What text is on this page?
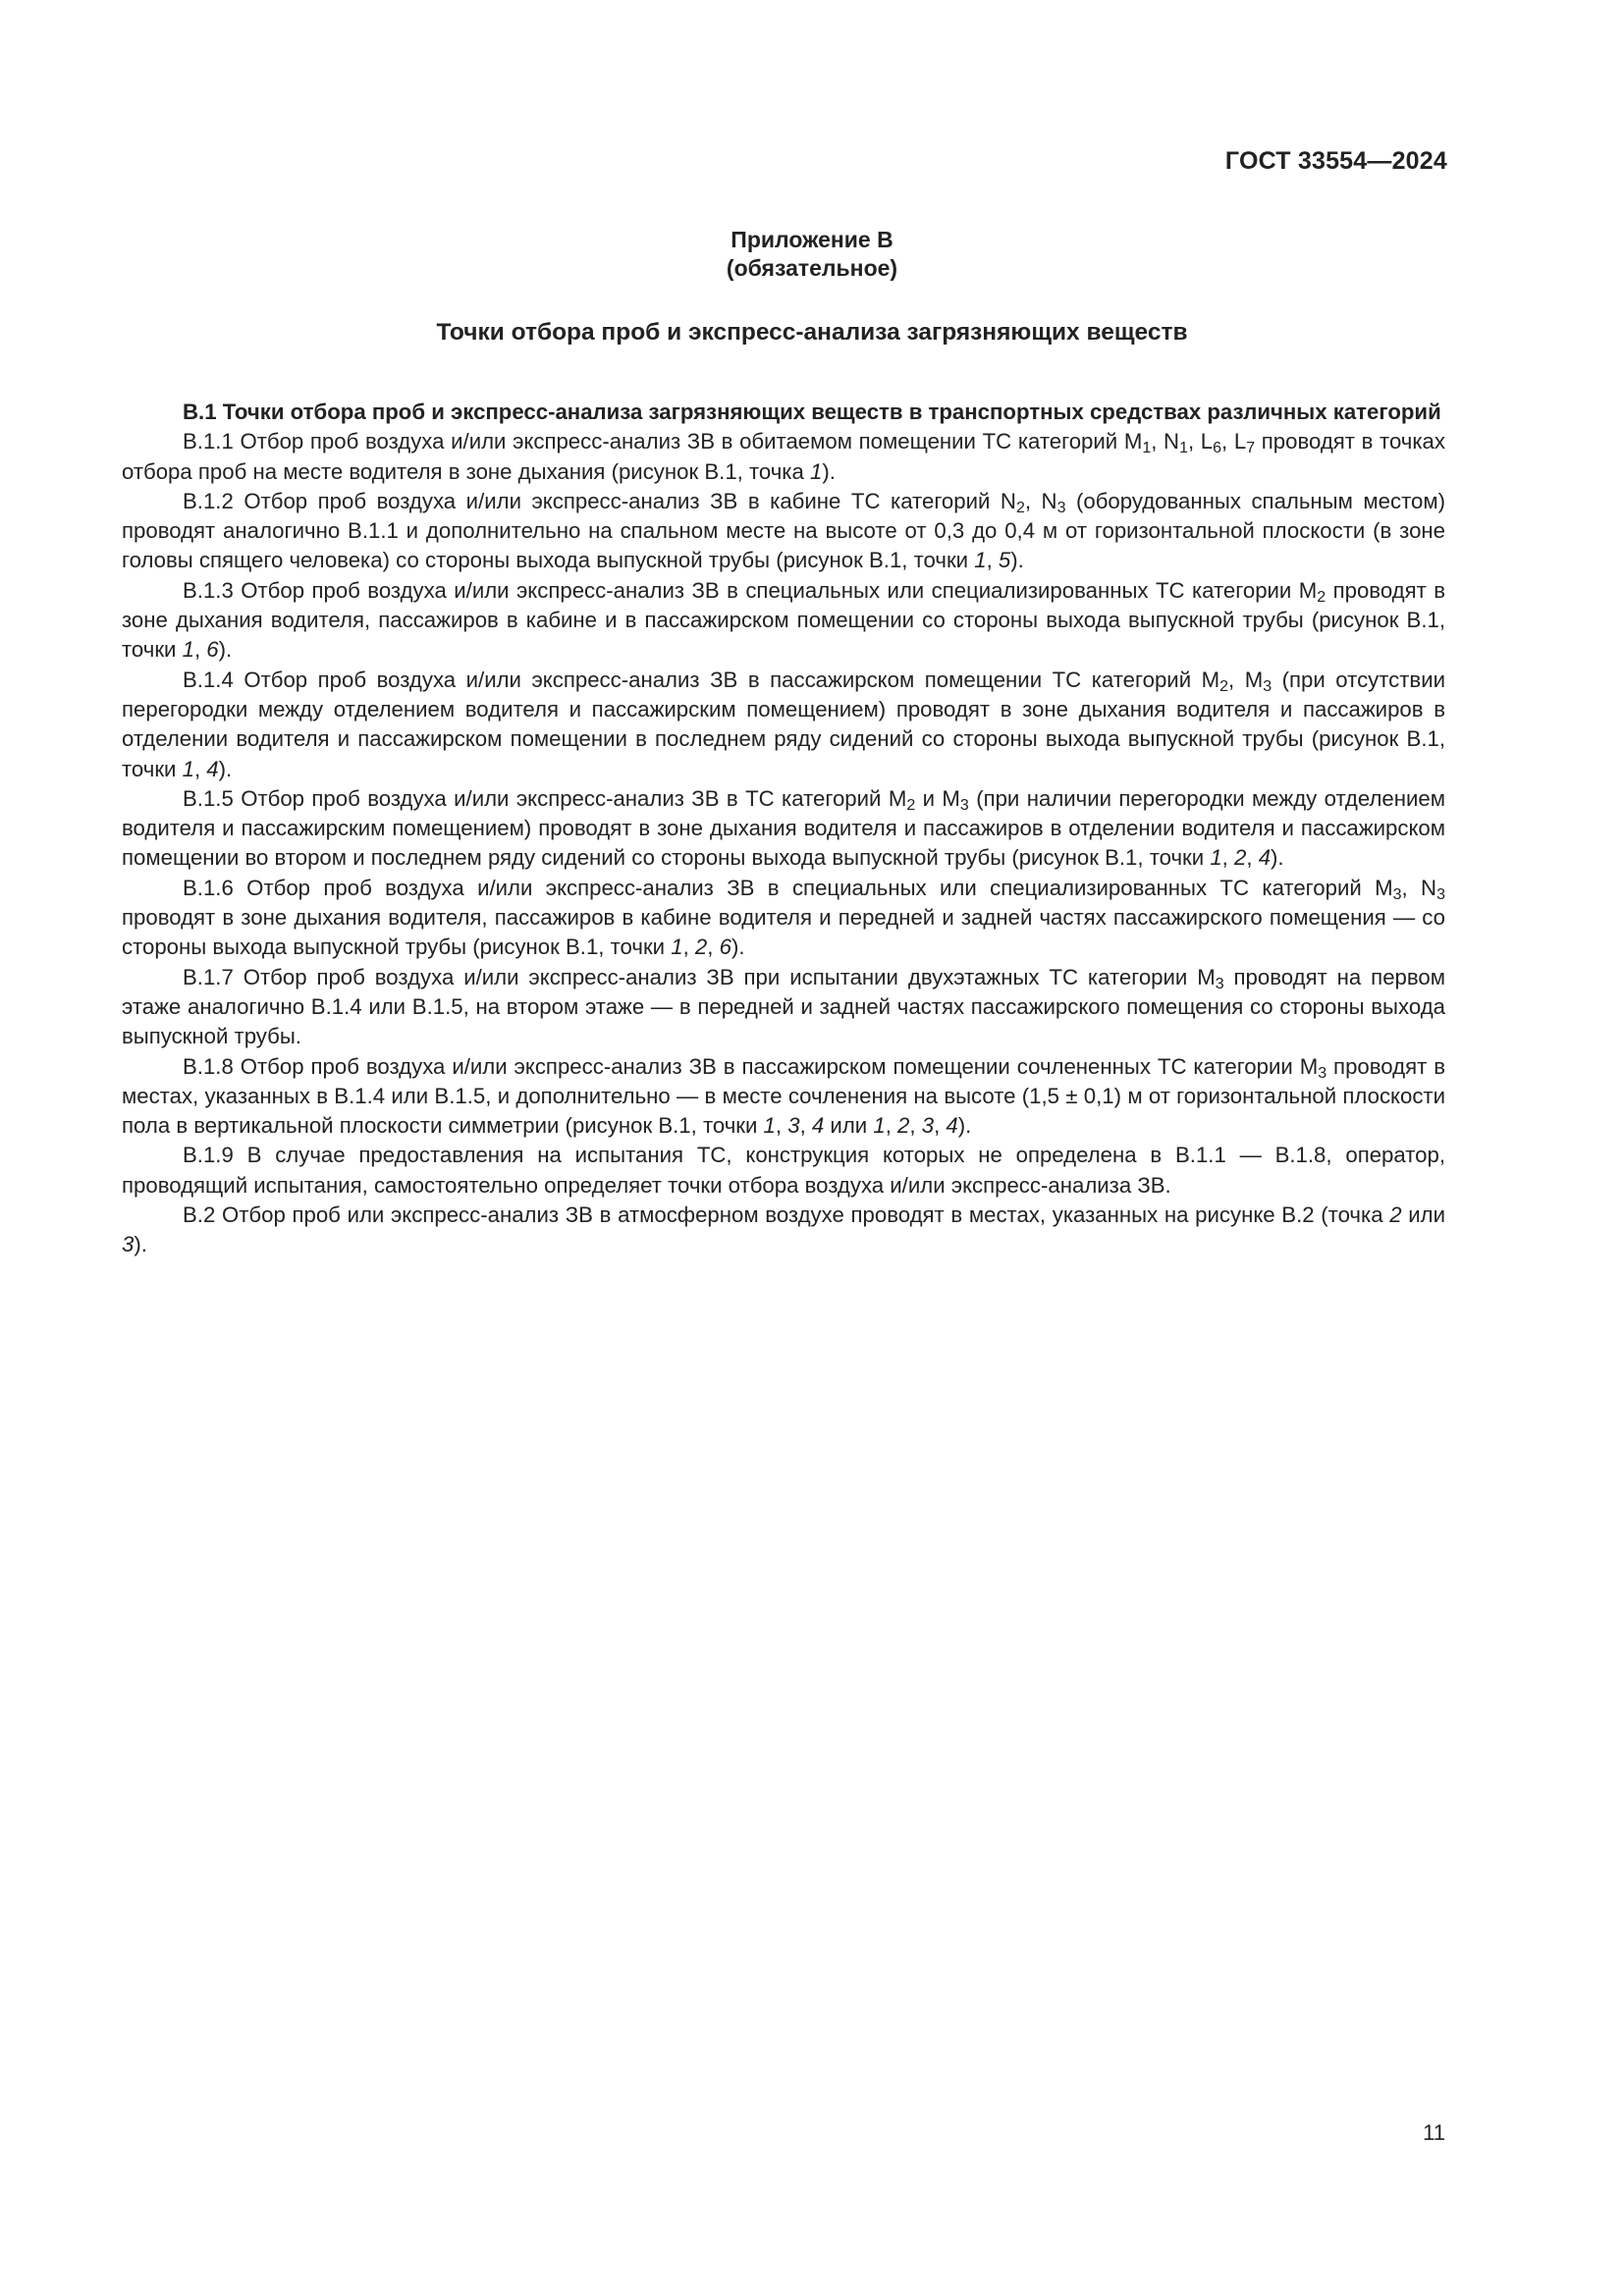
ГОСТ 33554—2024
Приложение В
(обязательное)
Точки отбора проб и экспресс-анализа загрязняющих веществ

В.1 Точки отбора проб и экспресс-анализа загрязняющих веществ в транспортных средствах различных категорий

В.1.1 Отбор проб воздуха и/или экспресс-анализ ЗВ в обитаемом помещении ТС категорий $M_1$, $N_1$, $L_6$, $L_7$ проводят в точках отбора проб на месте водителя в зоне дыхания (рисунок В.1, точка 1).

В.1.2 Отбор проб воздуха и/или экспресс-анализ ЗВ в кабине ТС категорий $N_2$, $N_3$ (оборудованных спальным местом) проводят аналогично В.1.1 и дополнительно на спальном месте на высоте от 0,3 до 0,4 м от горизонтальной плоскости (в зоне головы спящего человека) со стороны выхода выпускной трубы (рисунок В.1, точки 1, 5).

В.1.3 Отбор проб воздуха и/или экспресс-анализ ЗВ в специальных или специализированных ТС категории $M_2$ проводят в зоне дыхания водителя, пассажиров в кабине и в пассажирском помещении со стороны выхода выпускной трубы (рисунок В.1, точки 1, 6).

В.1.4 Отбор проб воздуха и/или экспресс-анализ ЗВ в пассажирском помещении ТС категорий $M_2$, $M_3$ (при отсутствии перегородки между отделением водителя и пассажирским помещением) проводят в зоне дыхания водителя и пассажиров в отделении водителя и пассажирском помещении в последнем ряду сидений со стороны выхода выпускной трубы (рисунок В.1, точки 1, 4).

В.1.5 Отбор проб воздуха и/или экспресс-анализ ЗВ в ТС категорий $M_2$ и $M_3$ (при наличии перегородки между отделением водителя и пассажирским помещением) проводят в зоне дыхания водителя и пассажиров в отделении водителя и пассажирском помещении во втором и последнем ряду сидений со стороны выхода выпускной трубы (рисунок В.1, точки 1, 2, 4).

В.1.6 Отбор проб воздуха и/или экспресс-анализ ЗВ в специальных или специализированных ТС категорий $M_3$, $N_3$ проводят в зоне дыхания водителя, пассажиров в кабине водителя и передней и задней частях пассажирского помещения — со стороны выхода выпускной трубы (рисунок В.1, точки 1, 2, 6).

В.1.7 Отбор проб воздуха и/или экспресс-анализ ЗВ при испытании двухэтажных ТС категории $M_3$ проводят на первом этаже аналогично В.1.4 или В.1.5, на втором этаже — в передней и задней частях пассажирского помещения со стороны выхода выпускной трубы.

В.1.8 Отбор проб воздуха и/или экспресс-анализ ЗВ в пассажирском помещении сочлененных ТС категории $M_3$ проводят в местах, указанных в В.1.4 или В.1.5, и дополнительно — в месте сочленения на высоте (1,5 ± 0,1) м от горизонтальной плоскости пола в вертикальной плоскости симметрии (рисунок В.1, точки 1, 3, 4 или 1, 2, 3, 4).

В.1.9 В случае предоставления на испытания ТС, конструкция которых не определена в В.1.1 — В.1.8, оператор, проводящий испытания, самостоятельно определяет точки отбора воздуха и/или экспресс-анализа ЗВ.

В.2 Отбор проб или экспресс-анализ ЗВ в атмосферном воздухе проводят в местах, указанных на рисунке В.2 (точка 2 или 3).

11
